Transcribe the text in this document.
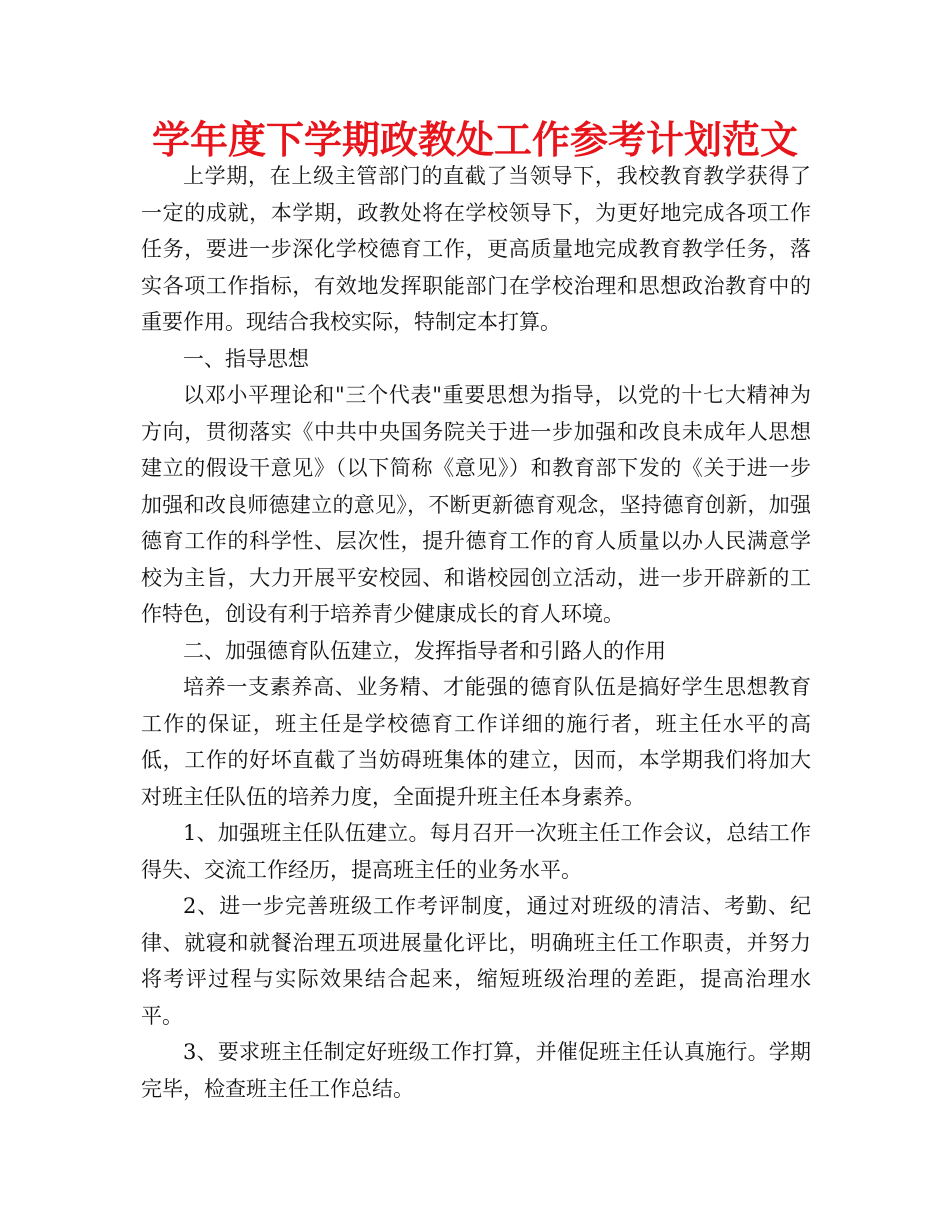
学年度下学期政教处工作参考计划范文

上学期，在上级主管部门的直截了当领导下，我校教育教学获得了一定的成就，本学期，政教处将在学校领导下，为更好地完成各项工作任务，要进一步深化学校德育工作，更高质量地完成教育教学任务，落实各项工作指标，有效地发挥职能部门在学校治理和思想政治教育中的重要作用。现结合我校实际，特制定本打算。

一、指导思想

以邓小平理论和"三个代表"重要思想为指导，以党的十七大精神为方向，贯彻落实《中共中央国务院关于进一步加强和改良未成年人思想建立的假设干意见》（以下简称《意见》）和教育部下发的《关于进一步加强和改良师德建立的意见》，不断更新德育观念，坚持德育创新，加强德育工作的科学性、层次性，提升德育工作的育人质量以办人民满意学校为主旨，大力开展平安校园、和谐校园创立活动，进一步开辟新的工作特色，创设有利于培养青少健康成长的育人环境。

二、加强德育队伍建立，发挥指导者和引路人的作用

培养一支素养高、业务精、才能强的德育队伍是搞好学生思想教育工作的保证，班主任是学校德育工作详细的施行者，班主任水平的高低，工作的好坏直截了当妨碍班集体的建立，因而，本学期我们将加大对班主任队伍的培养力度，全面提升班主任本身素养。

1、加强班主任队伍建立。每月召开一次班主任工作会议，总结工作得失、交流工作经历，提高班主任的业务水平。

2、进一步完善班级工作考评制度，通过对班级的清洁、考勤、纪律、就寝和就餐治理五项进展量化评比，明确班主任工作职责，并努力将考评过程与实际效果结合起来，缩短班级治理的差距，提高治理水平。

3、要求班主任制定好班级工作打算，并催促班主任认真施行。学期完毕，检查班主任工作总结。
